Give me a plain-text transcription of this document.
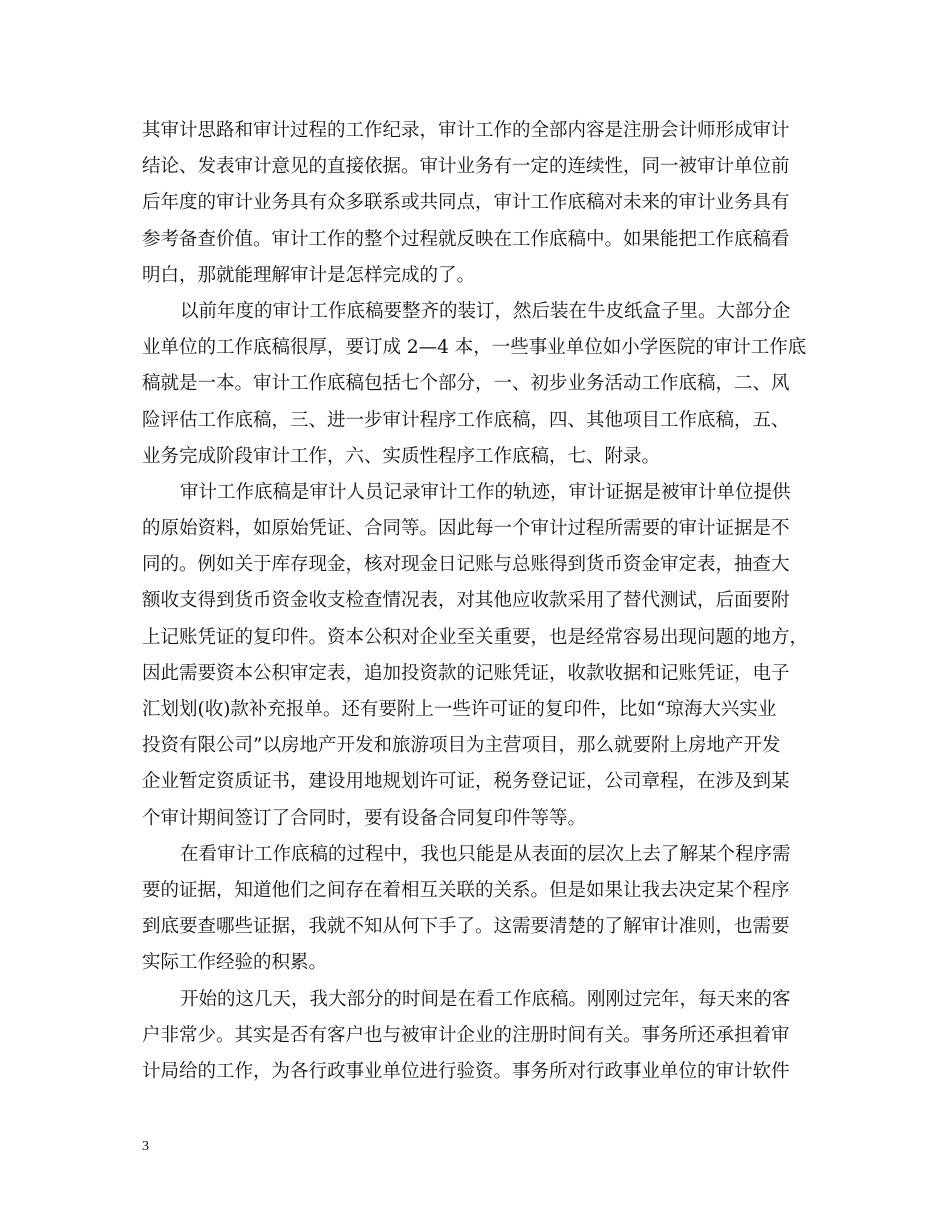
其审计思路和审计过程的工作纪录，审计工作的全部内容是注册会计师形成审计
结论、发表审计意见的直接依据。审计业务有一定的连续性，同一被审计单位前
后年度的审计业务具有众多联系或共同点，审计工作底稿对未来的审计业务具有
参考备查价值。审计工作的整个过程就反映在工作底稿中。如果能把工作底稿看
明白，那就能理解审计是怎样完成的了。
以前年度的审计工作底稿要整齐的装订，然后装在牛皮纸盒子里。大部分企
业单位的工作底稿很厚，要订成 2—4 本，一些事业单位如小学医院的审计工作底
稿就是一本。审计工作底稿包括七个部分，一、初步业务活动工作底稿，二、风
险评估工作底稿，三、进一步审计程序工作底稿，四、其他项目工作底稿，五、
业务完成阶段审计工作，六、实质性程序工作底稿，七、附录。
审计工作底稿是审计人员记录审计工作的轨迹，审计证据是被审计单位提供
的原始资料，如原始凭证、合同等。因此每一个审计过程所需要的审计证据是不
同的。例如关于库存现金，核对现金日记账与总账得到货币资金审定表，抽查大
额收支得到货币资金收支检查情况表，对其他应收款采用了替代测试，后面要附
上记账凭证的复印件。资本公积对企业至关重要，也是经常容易出现问题的地方，
因此需要资本公积审定表，追加投资款的记账凭证，收款收据和记账凭证，电子
汇划划(收)款补充报单。还有要附上一些许可证的复印件，比如“琼海大兴实业
投资有限公司”以房地产开发和旅游项目为主营项目，那么就要附上房地产开发
企业暂定资质证书，建设用地规划许可证，税务登记证，公司章程，在涉及到某
个审计期间签订了合同时，要有设备合同复印件等等。
在看审计工作底稿的过程中，我也只能是从表面的层次上去了解某个程序需
要的证据，知道他们之间存在着相互关联的关系。但是如果让我去决定某个程序
到底要查哪些证据，我就不知从何下手了。这需要清楚的了解审计准则，也需要
实际工作经验的积累。
开始的这几天，我大部分的时间是在看工作底稿。刚刚过完年，每天来的客
户非常少。其实是否有客户也与被审计企业的注册时间有关。事务所还承担着审
计局给的工作，为各行政事业单位进行验资。事务所对行政事业单位的审计软件
3
